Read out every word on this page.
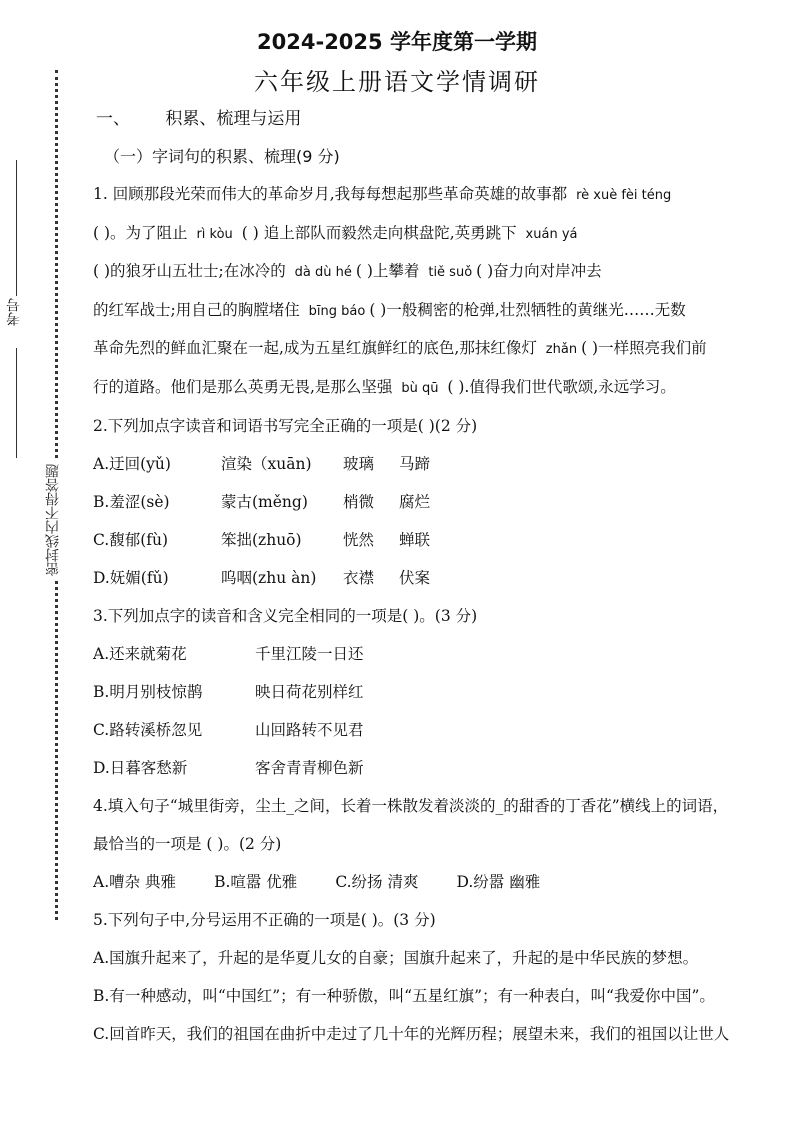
考号
密封线内不得答题
2024-2025 学年度第一学期
六年级上册语文学情调研
一、 积累、梳理与运用
（一）字词句的积累、梳理(9 分)

1. 回顾那段光荣而伟大的革命岁月,我每每想起那些革命英雄的故事都 rè xuè fèi téng

( )。为了阻止 rì kòu ( ) 追上部队而毅然走向棋盘陀,英勇跳下 xuán yá

( )的狼牙山五壮士;在冰冷的 dà dù hé ( )上攀着 tiě suǒ ( )奋力向对岸冲去

的红军战士;用自己的胸膛堵住 bīng báo ( )一般稠密的枪弹,壮烈牺牲的黄继光……无数

革命先烈的鲜血汇聚在一起,成为五星红旗鲜红的底色,那抹红像灯 zhǎn ( )一样照亮我们前

行的道路。他们是那么英勇无畏,是那么坚强 bù qū ( ).值得我们世代歌颂,永远学习。

2.下列加点字读音和词语书写完全正确的一项是( )(2 分)
A.迂回(yǔ)	渲染（xuān) 玻璃 马蹄
B.羞涩(sè)	蒙古(měng) 梢微 腐烂
C.馥郁(fù)	笨拙(zhuō)	恍然 蝉联
D.妩媚(fǔ)	呜咽(zhu àn) 衣襟 伏案
3.下列加点字的读音和含义完全相同的一项是( )。(3 分)
A.还来就菊花	千里江陵一日还
B.明月别枝惊鹊	映日荷花别样红
C.路转溪桥忽见	山回路转不见君
D.日暮客愁新	客舍青青柳色新
4.填入句子“城里街旁，尘土_之间，长着一株散发着淡淡的_的甜香的丁香花”横线上的词语，
最恰当的一项是 ( )。(2 分)
A.嘈杂 典雅 B.喧嚣 优雅 C.纷扬 清爽 D.纷嚣 幽雅
5.下列句子中,分号运用不正确的一项是( )。(3 分)
A.国旗升起来了，升起的是华夏儿女的自豪；国旗升起来了，升起的是中华民族的梦想。
B.有一种感动，叫“中国红”；有一种骄傲，叫“五星红旗”；有一种表白，叫“我爱你中国”。
C.回首昨天，我们的祖国在曲折中走过了几十年的光辉历程；展望未来，我们的祖国以让世人
